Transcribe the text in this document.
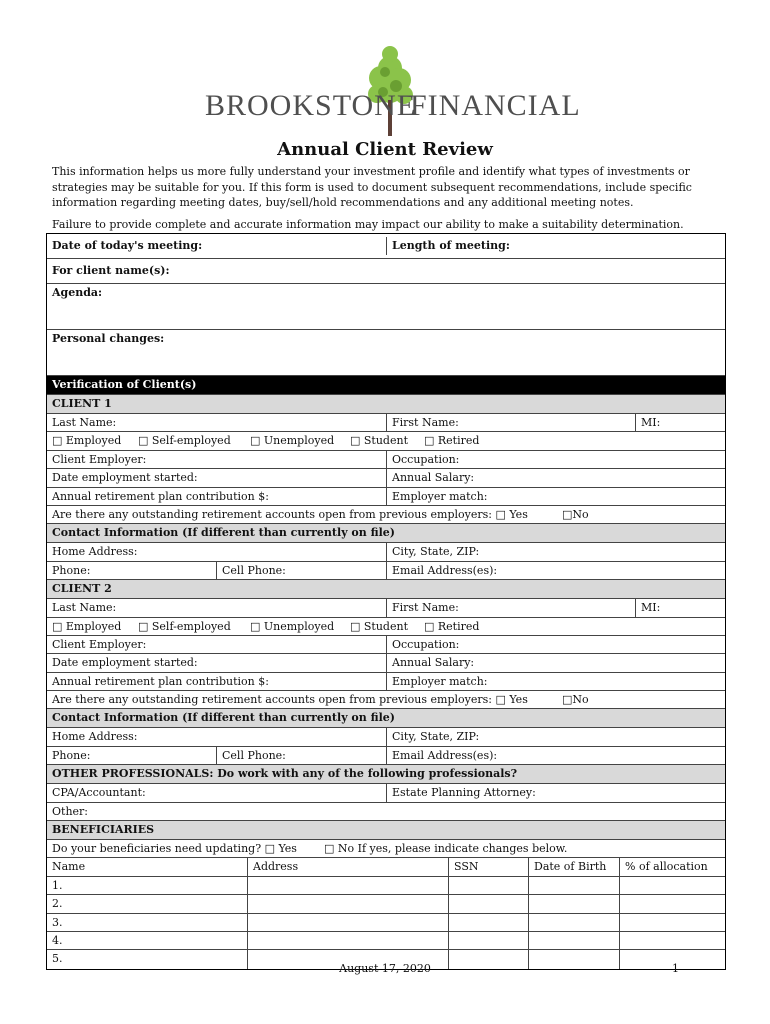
BROOKSTONE
FINANCIAL
Annual Client Review
This information helps us more fully understand your investment profile and identify what types of investments or strategies may be suitable for you. If this form is used to document subsequent recommendations, include specific information regarding meeting dates, buy/sell/hold recommendations and any additional meeting notes.
Failure to provide complete and accurate information may impact our ability to make a suitability determination.
Date of today's meeting:	Length of meeting:
For client name(s):
Agenda:
Personal changes:
Verification of Client(s)
CLIENT 1
Last Name:	First Name:	MI:
□ Employed □ Self-employed □ Unemployed □ Student □ Retired
Client Employer:	Occupation:
Date employment started:	Annual Salary:
Annual retirement plan contribution $:	Employer match:
Are there any outstanding retirement accounts open from previous employers: □ Yes	□No
Contact Information (If different than currently on file)
Home Address:	City, State, ZIP:
Phone:	Cell Phone:	Email Address(es):
CLIENT 2
Last Name:	First Name:	MI:
□ Employed □ Self-employed □ Unemployed □ Student □ Retired
Client Employer:	Occupation:
Date employment started:	Annual Salary:
Annual retirement plan contribution $:	Employer match:
Are there any outstanding retirement accounts open from previous employers: □ Yes	□No
Contact Information (If different than currently on file)
Home Address:	City, State, ZIP:
Phone:	Cell Phone:	Email Address(es):
OTHER PROFESSIONALS: Do work with any of the following professionals?
CPA/Accountant:	Estate Planning Attorney:
Other:
BENEFICIARIES
Do your beneficiaries need updating? □ Yes □ No If yes, please indicate changes below.
Name	Address	SSN	Date of Birth	% of allocation
1.
2.
3.
4.
5.
August 17, 2020	1
